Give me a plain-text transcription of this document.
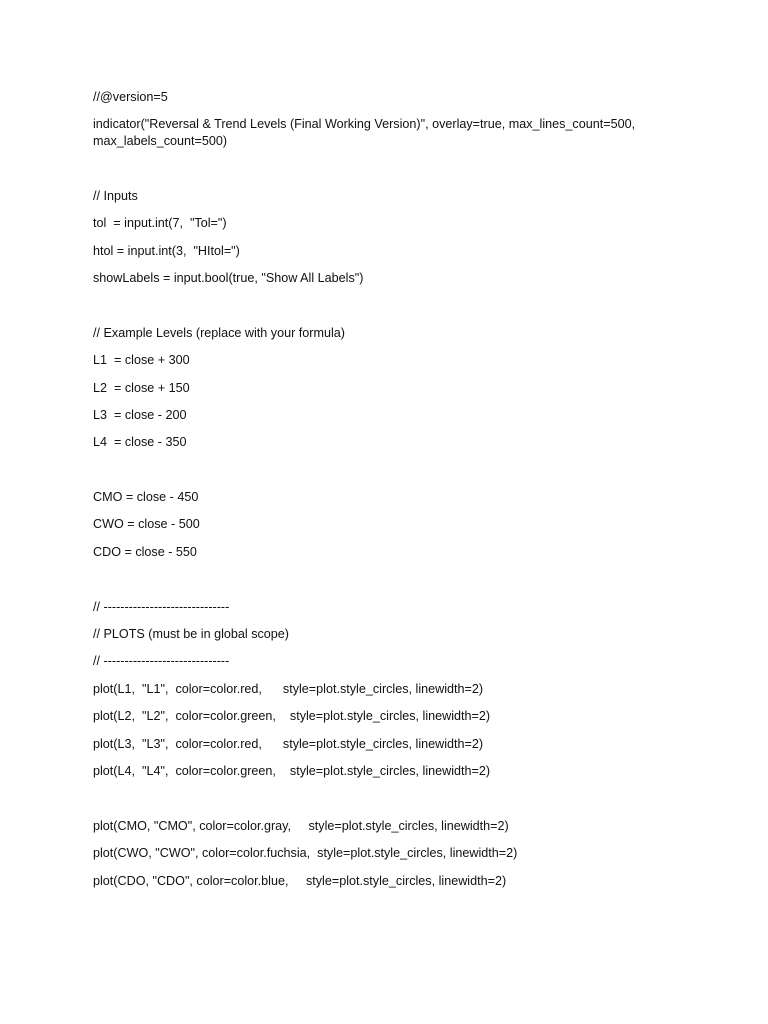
//@version=5
indicator("Reversal & Trend Levels (Final Working Version)", overlay=true, max_lines_count=500, max_labels_count=500)
// Inputs
tol  = input.int(7,  "Tol=")
htol = input.int(3,  "HItol=")
showLabels = input.bool(true, "Show All Labels")
// Example Levels (replace with your formula)
L1  = close + 300
L2  = close + 150
L3  = close - 200
L4  = close - 350
CMO = close - 450
CWO = close - 500
CDO = close - 550
// ------------------------------
// PLOTS (must be in global scope)
// ------------------------------
plot(L1,  "L1",  color=color.red,      style=plot.style_circles, linewidth=2)
plot(L2,  "L2",  color=color.green,    style=plot.style_circles, linewidth=2)
plot(L3,  "L3",  color=color.red,      style=plot.style_circles, linewidth=2)
plot(L4,  "L4",  color=color.green,    style=plot.style_circles, linewidth=2)
plot(CMO, "CMO", color=color.gray,     style=plot.style_circles, linewidth=2)
plot(CWO, "CWO", color=color.fuchsia,  style=plot.style_circles, linewidth=2)
plot(CDO, "CDO", color=color.blue,     style=plot.style_circles, linewidth=2)
